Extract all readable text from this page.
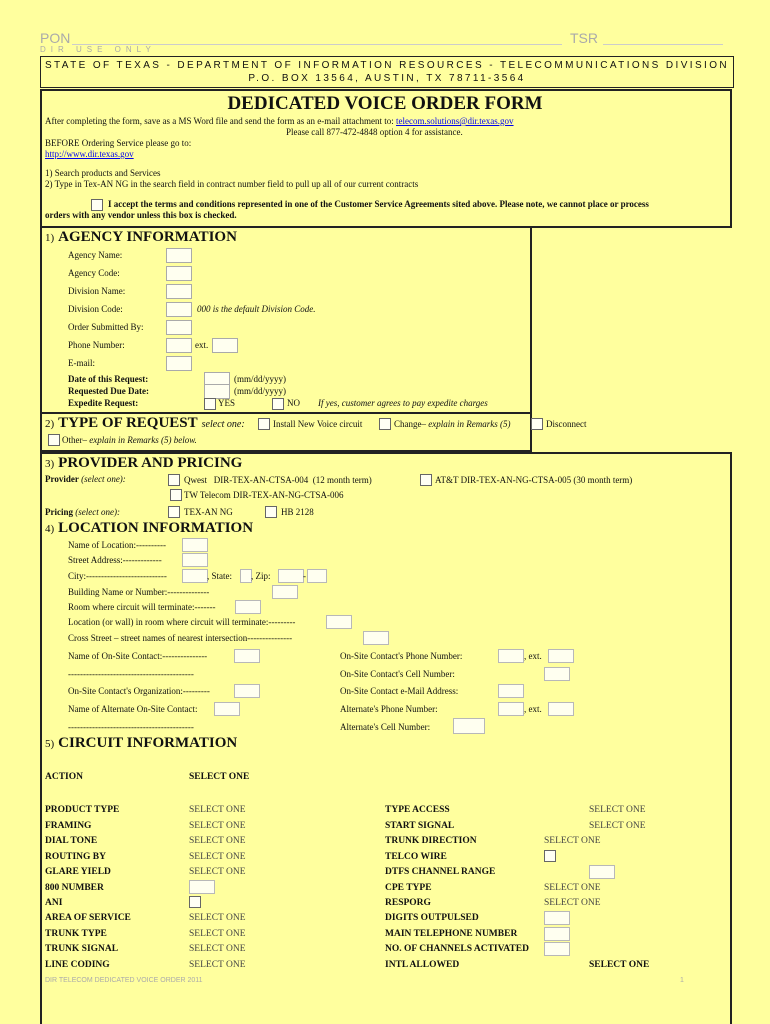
PON	TSR
DIR USE ONLY
STATE OF TEXAS - DEPARTMENT OF INFORMATION RESOURCES - TELECOMMUNICATIONS DIVISION
P.O. BOX 13564, AUSTIN, TX 78711-3564
DEDICATED VOICE ORDER FORM
After completing the form, save as a MS Word file and send the form as an e-mail attachment to: telecom.solutions@dir.texas.gov
Please call 877-472-4848 option 4 for assistance.
BEFORE Ordering Service please go to:
http://www.dir.texas.gov
1) Search products and Services
2) Type in Tex-AN NG in the search field in contract number field to pull up all of our current contracts
I accept the terms and conditions represented in one of the Customer Service Agreements sited above. Please note, we cannot place or process
orders with any vendor unless this box is checked.
1) AGENCY INFORMATION
Agency Name:
Agency Code:
Division Name:
Division Code:	000 is the default Division Code.
Order Submitted By:
Phone Number:	ext.
E-mail:
Date of this Request:	(mm/dd/yyyy)
Requested Due Date:	(mm/dd/yyyy)
Expedite Request:	YES	NO If yes, customer agrees to pay expedite charges
2) TYPE OF REQUEST select one:	Install New Voice circuit	Change– explain in Remarks (5)	Disconnect
Other– explain in Remarks (5) below.
3) PROVIDER AND PRICING
Provider (select one):	Qwest   DIR-TEX-AN-CTSA-004  (12 month term)	AT&T DIR-TEX-AN-NG-CTSA-005 (30 month term)
TW Telecom DIR-TEX-AN-NG-CTSA-006
Pricing (select one):	TEX-AN NG	HB 2128
4) LOCATION INFORMATION
Name of Location:----------
Street Address:-------------
City:---------------------------	, State: , Zip:	-
Building Name or Number:--------------
Room where circuit will terminate:-------
Location (or wall) in room where circuit will terminate:---------
Cross Street – street names of nearest intersection---------------
Name of On-Site Contact:---------------
------------------------------------------
On-Site Contact's Organization:---------
Name of Alternate On-Site Contact:
------------------------------------------
On-Site Contact's Phone Number:	, ext.
On-Site Contact's Cell Number:
On-Site Contact e-Mail Address:
Alternate's Phone Number:	, ext.
Alternate's Cell Number:
5) CIRCUIT INFORMATION
ACTION	SELECT ONE
PRODUCT TYPE	SELECT ONE
FRAMING	SELECT ONE
DIAL TONE	SELECT ONE
ROUTING BY	SELECT ONE
GLARE YIELD	SELECT ONE
800 NUMBER
ANI
AREA OF SERVICE	SELECT ONE
TRUNK TYPE	SELECT ONE
TRUNK SIGNAL	SELECT ONE
LINE CODING	SELECT ONE
TYPE ACCESS	SELECT ONE
START SIGNAL	SELECT ONE
TRUNK DIRECTION	SELECT ONE
TELCO WIRE
DTFS CHANNEL RANGE
CPE TYPE	SELECT ONE
RESPORG	SELECT ONE
DIGITS OUTPULSED
MAIN TELEPHONE NUMBER
NO. OF CHANNELS ACTIVATED
INTL ALLOWED	SELECT ONE
DIR TELECOM DEDICATED VOICE ORDER 2011	1
